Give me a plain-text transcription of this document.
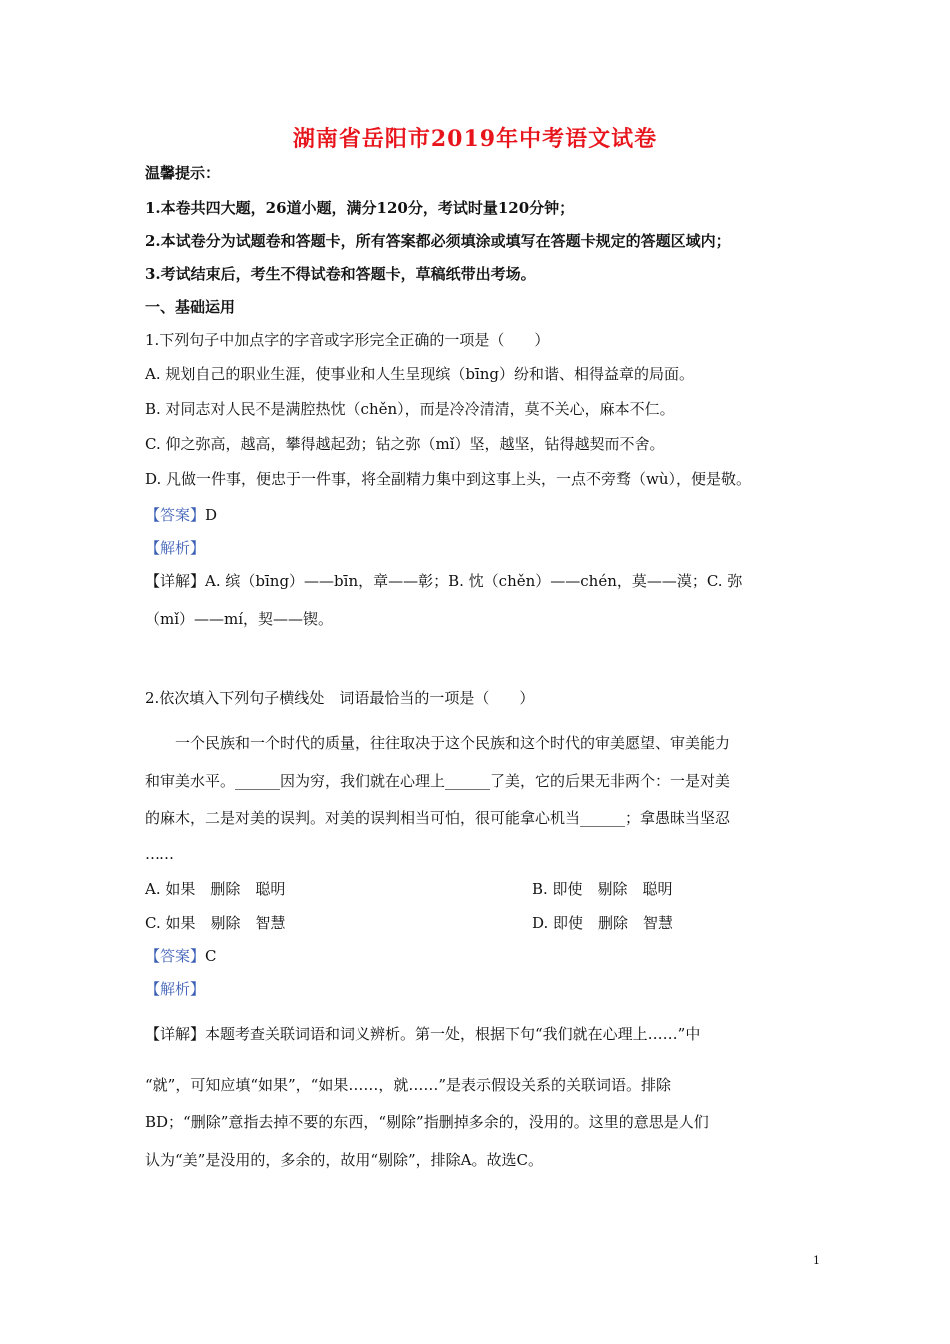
湖南省岳阳市2019年中考语文试卷
温馨提示：
1.本卷共四大题，26道小题，满分120分，考试时量120分钟；
2.本试卷分为试题卷和答题卡，所有答案都必须填涂或填写在答题卡规定的答题区域内；
3.考试结束后，考生不得试卷和答题卡，草稿纸带出考场。
一、基础运用
1.下列句子中加点字的字音或字形完全正确的一项是（　　）
A. 规划自己的职业生涯，使事业和人生呈现缤（bīng）纷和谐、相得益章的局面。
B. 对同志对人民不是满腔热忱（chěn），而是冷冷清清，莫不关心，麻本不仁。
C. 仰之弥高，越高，攀得越起劲；钻之弥（mǐ）坚，越坚，钻得越契而不舍。
D. 凡做一件事，便忠于一件事，将全副精力集中到这事上头，一点不旁骛（wù），便是敬。
【答案】D
【解析】
【详解】A. 缤（bīng）——bīn，章——彰；B. 忱（chěn）——chén，莫——漠；C. 弥
（mǐ）——mí，契——锲。
2.依次填入下列句子横线处　词语最恰当的一项是（　　）
一个民族和一个时代的质量，往往取决于这个民族和这个时代的审美愿望、审美能力
和审美水平。______因为穷，我们就在心理上______了美，它的后果无非两个：一是对美
的麻木，二是对美的误判。对美的误判相当可怕，很可能拿心机当______；拿愚昧当坚忍
……
A. 如果　删除　聪明	B. 即使　剔除　聪明
C. 如果　剔除　智慧	D. 即使　删除　智慧
【答案】C
【解析】
【详解】本题考查关联词语和词义辨析。第一处，根据下句“我们就在心理上……”中
“就”，可知应填“如果”，“如果……，就……”是表示假设关系的关联词语。排除
BD；“删除”意指去掉不要的东西，“剔除”指删掉多余的，没用的。这里的意思是人们
认为“美”是没用的，多余的，故用“剔除”，排除A。故选C。
1
